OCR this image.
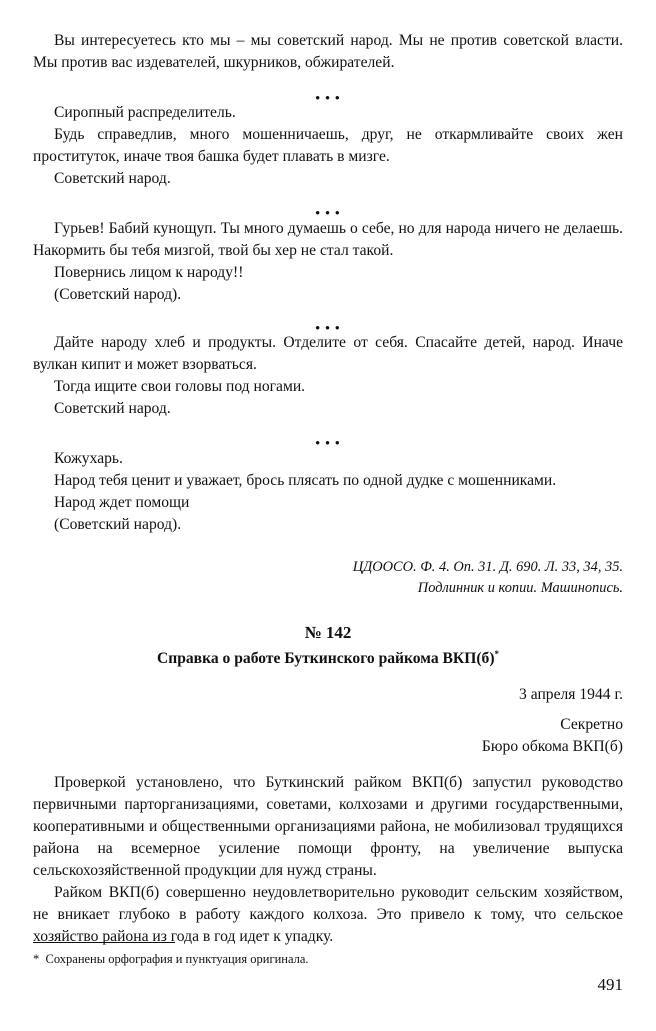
Вы интересуетесь кто мы – мы советский народ. Мы не против советской власти. Мы против вас издевателей, шкурников, обжирателей.

• • •

Сиропный распределитель.

Будь справедлив, много мошенничаешь, друг, не откармливайте своих жен проституток, иначе твоя башка будет плавать в мизге.

Советский народ.

• • •

Гурьев! Бабий кунощуп. Ты много думаешь о себе, но для народа ничего не делаешь. Накормить бы тебя мизгой, твой бы хер не стал такой.

Повернись лицом к народу!!

(Советский народ).

• • •

Дайте народу хлеб и продукты. Отделите от себя. Спасайте детей, народ. Иначе вулкан кипит и может взорваться.

Тогда ищите свои головы под ногами.

Советский народ.

• • •

Кожухарь.

Народ тебя ценит и уважает, брось плясать по одной дудке с мошенниками.

Народ ждет помощи

(Советский народ).

ЦДООСО. Ф. 4. Оп. 31. Д. 690. Л. 33, 34, 35.
Подлинник и копии. Машинопись.
№ 142
Справка о работе Буткинского райкома ВКП(б)*
3 апреля 1944 г.
Секретно
Бюро обкома ВКП(б)

Проверкой установлено, что Буткинский райком ВКП(б) запустил руководство первичными парторганизациями, советами, колхозами и другими государственными, кооперативными и общественными организациями района, не мобилизовал трудящихся района на всемерное усиление помощи фронту, на увеличение выпуска сельскохозяйственной продукции для нужд страны.

Райком ВКП(б) совершенно неудовлетворительно руководит сельским хозяйством, не вникает глубоко в работу каждого колхоза. Это привело к тому, что сельское хозяйство района из года в год идет к упадку.

* Сохранены орфография и пунктуация оригинала.
491
